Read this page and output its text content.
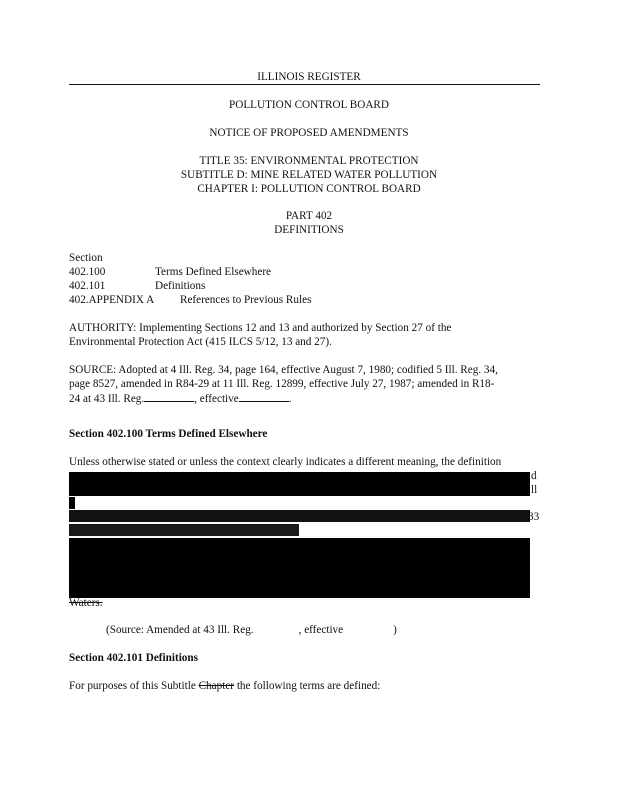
ILLINOIS REGISTER
POLLUTION CONTROL BOARD
NOTICE OF PROPOSED AMENDMENTS
TITLE 35: ENVIRONMENTAL PROTECTION
SUBTITLE D: MINE RELATED WATER POLLUTION
CHAPTER I: POLLUTION CONTROL BOARD
PART 402
DEFINITIONS
Section
402.100	Terms Defined Elsewhere
402.101	Definitions
402.APPENDIX A References to Previous Rules
AUTHORITY: Implementing Sections 12 and 13 and authorized by Section 27 of the
Environmental Protection Act (415 ILCS 5/12, 13 and 27).
SOURCE: Adopted at 4 Ill. Reg. 34, page 164, effective August 7, 1980; codified 5 Ill. Reg. 34,
page 8527, amended in R84-29 at 11 Ill. Reg. 12899, effective July 27, 1987; amended in R18-
24 at 43 Ill. Reg.	, effective	.
Section 402.100 Terms Defined Elsewhere
Unless otherwise stated or unless the context clearly indicates a different meaning, the definition
ll
d
33
Waters.
(Source: Amended at 43 Ill. Reg.	, effective	)
Section 402.101 Definitions
For purposes of this Subtitle Chapter the following terms are defined:
